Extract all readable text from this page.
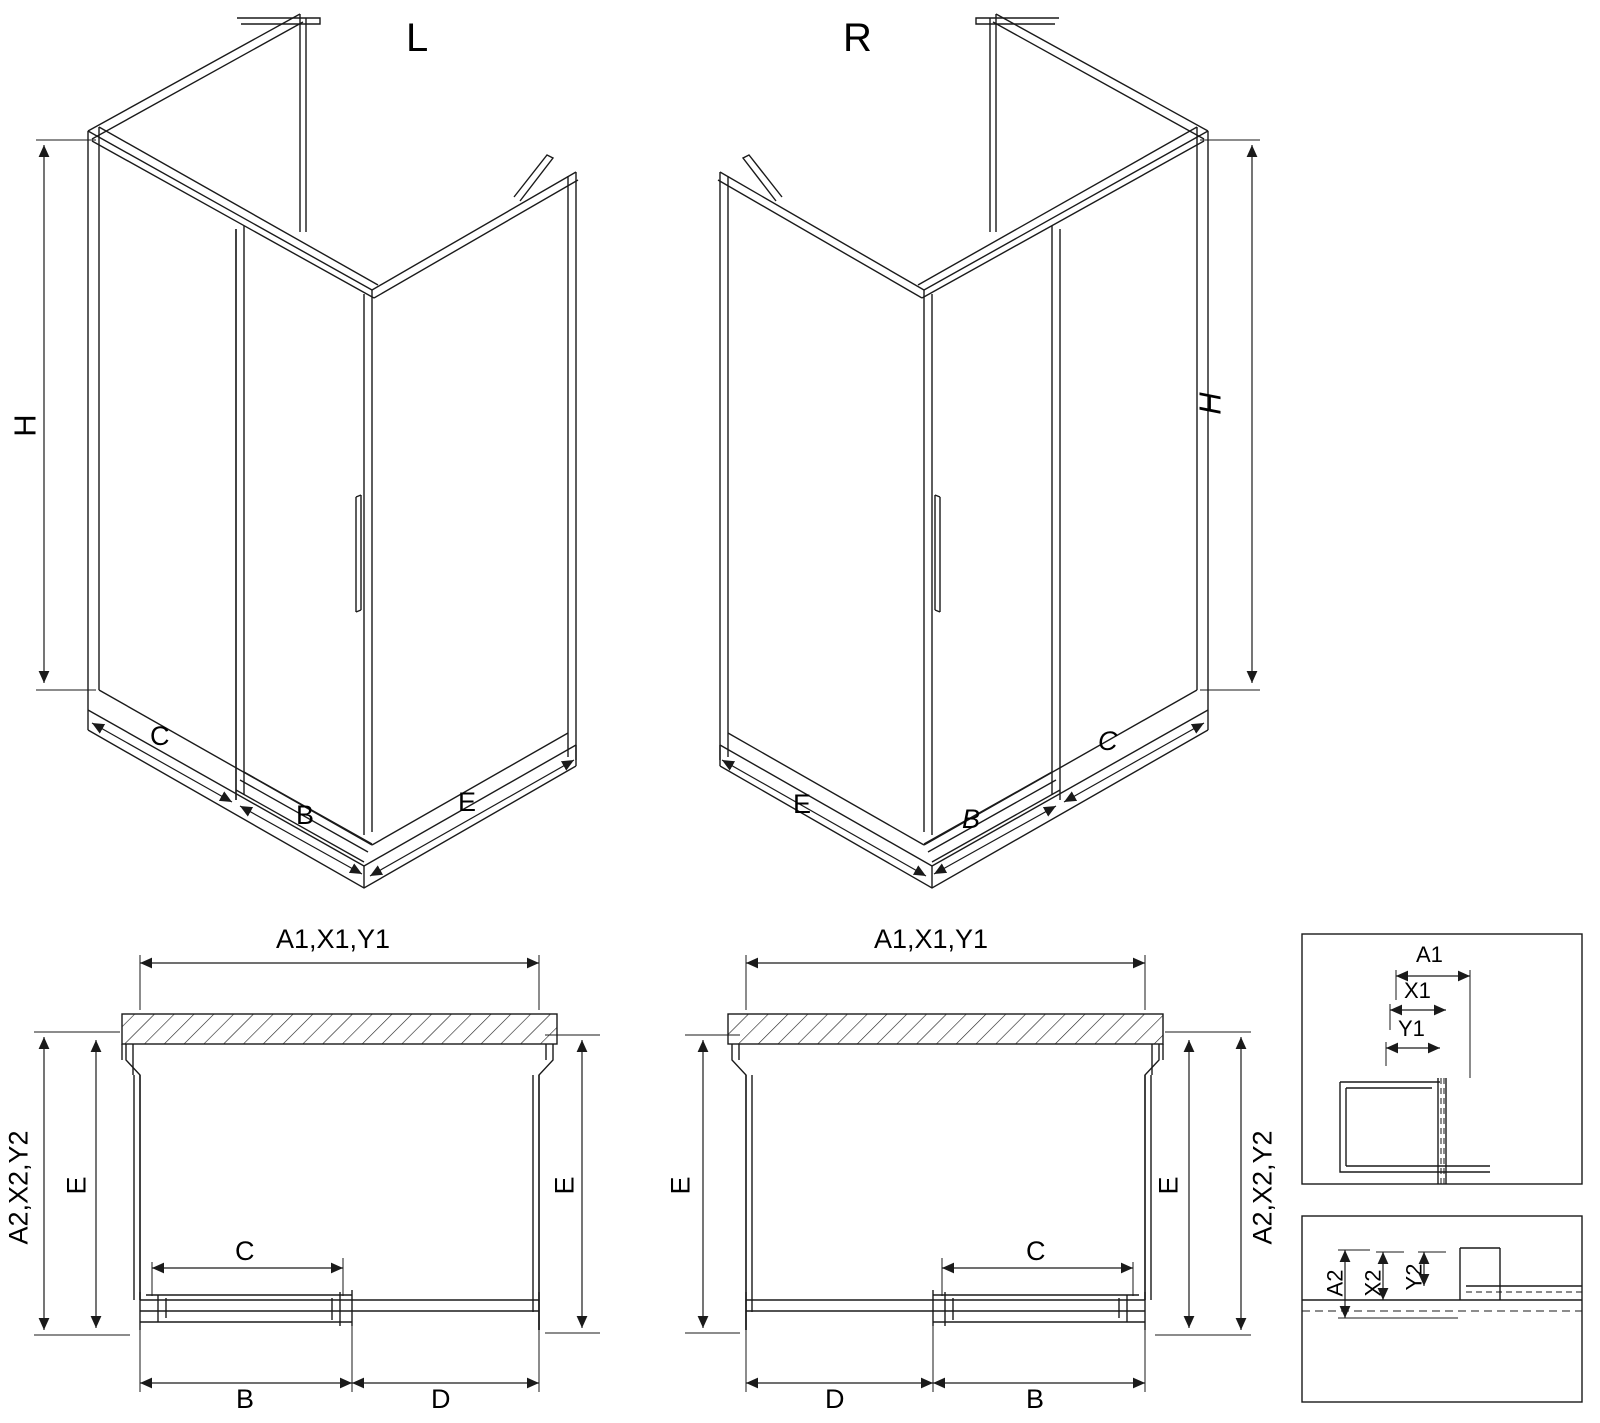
L
H
C
B	E
R
H
C
B
E
A1,X1,Y1
A2,X2,Y2 E	E
C
B	D
A1,X1,Y1
A2,X2,Y2
E	E
C
D	B
A1
X1
Y1
A2 X2 Y2
